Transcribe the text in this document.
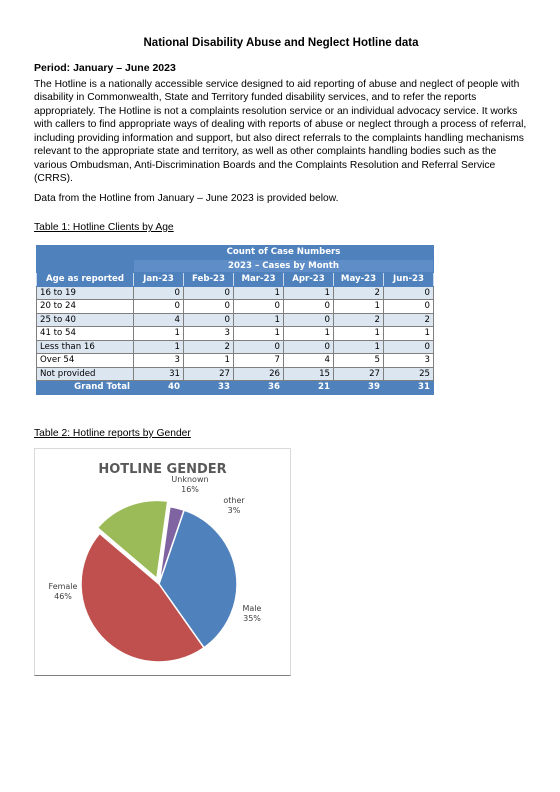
National Disability Abuse and Neglect Hotline data
Period: January – June 2023
The Hotline is a nationally accessible service designed to aid reporting of abuse and neglect of people with disability in Commonwealth, State and Territory funded disability services, and to refer the reports appropriately. The Hotline is not a complaints resolution service or an individual advocacy service. It works with callers to find appropriate ways of dealing with reports of abuse or neglect through a process of referral, including providing information and support, but also direct referrals to the complaints handling mechanisms relevant to the appropriate state and territory, as well as other complaints handling bodies such as the various Ombudsman, Anti-Discrimination Boards and the Complaints Resolution and Referral Service (CRRS).
Data from the Hotline from January – June 2023 is provided below.
Table 1: Hotline Clients by Age
	Count of Case Numbers					
	2023 – Cases by Month					
Age as reported	Jan-23	Feb-23	Mar-23	Apr-23	May-23	Jun-23
16 to 19	0	0	1	1	2	0
20 to 24	0	0	0	0	1	0
25 to 40	4	0	1	0	2	2
41 to 54	1	3	1	1	1	1
Less than 16	1	2	0	0	1	0
Over 54	3	1	7	4	5	3
Not provided	31	27	26	15	27	25
Grand Total	40	33	36	21	39	31
Table 2: Hotline reports by Gender
HOTLINE GENDER
Unknown
16%
other
3%
Female
46%
Male
35%
